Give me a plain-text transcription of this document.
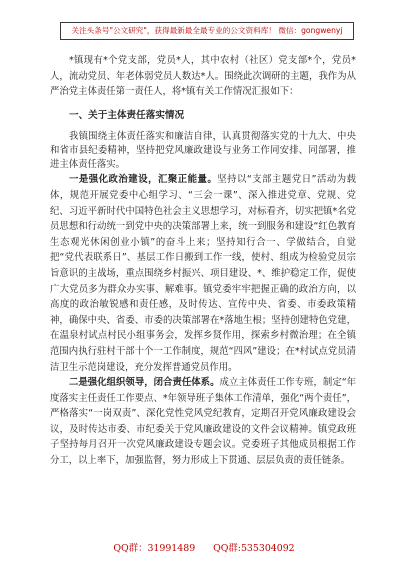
关注头条号"公文研究"，获得最新最全最专业的公文资料库！ 微信：gongwenyj

*镇现有*个党支部，党员*人，其中农村（社区）党支部*个，党员*人，流动党员、年老体弱党员人数达*人。围绕此次调研的主题，我作为从严治党主体责任第一责任人，将*镇有关工作情况汇报如下：

一、关于主体责任落实情况

我镇围绕主体责任落实和廉洁自律，认真贯彻落实党的十九大、中央和省市县纪委精神，坚持把党风廉政建设与业务工作同安排、同部署，推进主体责任落实。

一是强化政治建设，汇聚正能量。坚持以“支部主题党日”活动为载体，规范开展党委中心组学习、“三会一课”、深入推进党章、党规、党纪、习近平新时代中国特色社会主义思想学习，对标看齐，切实把镇*名党员思想和行动统一到党中央的决策部署上来，统一到服务和建设“红色教育生态观光休闲创业小镇”的奋斗上来；坚持知行合一、学做结合，自觉把“党代表联系日”、基层工作日搬到工作一线，使村、组成为检验党员宗旨意识的主战场，重点围绕乡村振兴、项目建设、*、维护稳定工作，促使广大党员多为群众办实事、解难事。镇党委牢牢把握正确的政治方向，以高度的政治敏锐感和责任感，及时传达、宣传中央、省委、市委政策精神，确保中央、省委、市委的决策部署在*落地生根；坚持创建特色党建，在温泉村试点村民小组事务会，发挥乡贤作用，探索乡村微治理；在全镇范围内执行驻村干部十个一工作制度，规范“四风”建设；在*村试点党员清洁卫生示范岗建设，充分发挥普通党员作用。

二是强化组织领导，闭合责任体系。成立主体责任工作专班，制定“年度落实主任责任工作要点、*年领导班子集体工作清单，强化“两个责任”，严格落实“一岗双责”、深化党性党风党纪教育，定期召开党风廉政建设会议，及时传达市委、市纪委关于党风廉政建设的文件会议精神。镇党政班子坚持每月召开一次党风廉政建设专题会议。党委班子其他成员根据工作分工，以上率下，加强监督，努力形成上下贯通、层层负责的责任链条。

QQ群：31991489 QQ群:535304092
